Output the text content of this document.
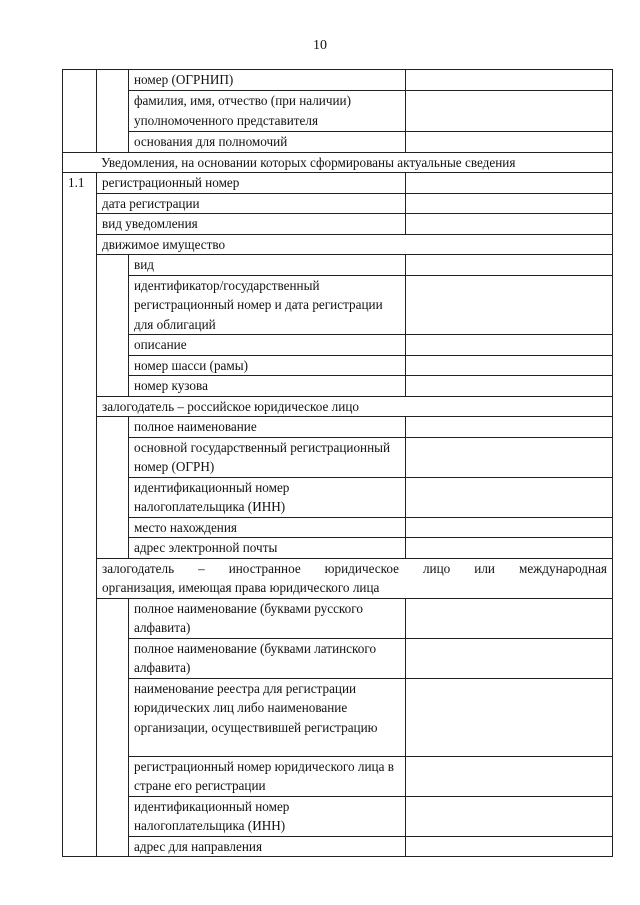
10
		номер (ОГРНИП)	
		фамилия, имя, отчество (при наличии) уполномоченного представителя	
		основания для полномочий	
Уведомления, на основании которых сформированы актуальные сведения			
1.1	регистрационный номер		
	дата регистрации		
	вид уведомления		
	движимое имущество		
		вид	
		идентификатор/государственный регистрационный номер и дата регистрации для облигаций	
		описание	
		номер шасси (рамы)	
		номер кузова	
	залогодатель – российское юридическое лицо		
		полное наименование	
		основной государственный регистрационный номер (ОГРН)	
		идентификационный номер налогоплательщика (ИНН)	
		место нахождения	
		адрес электронной почты	

	залогодатель – иностранное юридическое лицо или международная
организация, имеющая права юридического лица		

		полное наименование (буквами русского алфавита)	
		полное наименование (буквами латинского алфавита)	
		наименование реестра для регистрации юридических лиц либо наименование организации, осуществившей регистрацию	
		регистрационный номер юридического лица в стране его регистрации	
		идентификационный номер налогоплательщика (ИНН)	
		адрес для направления	
